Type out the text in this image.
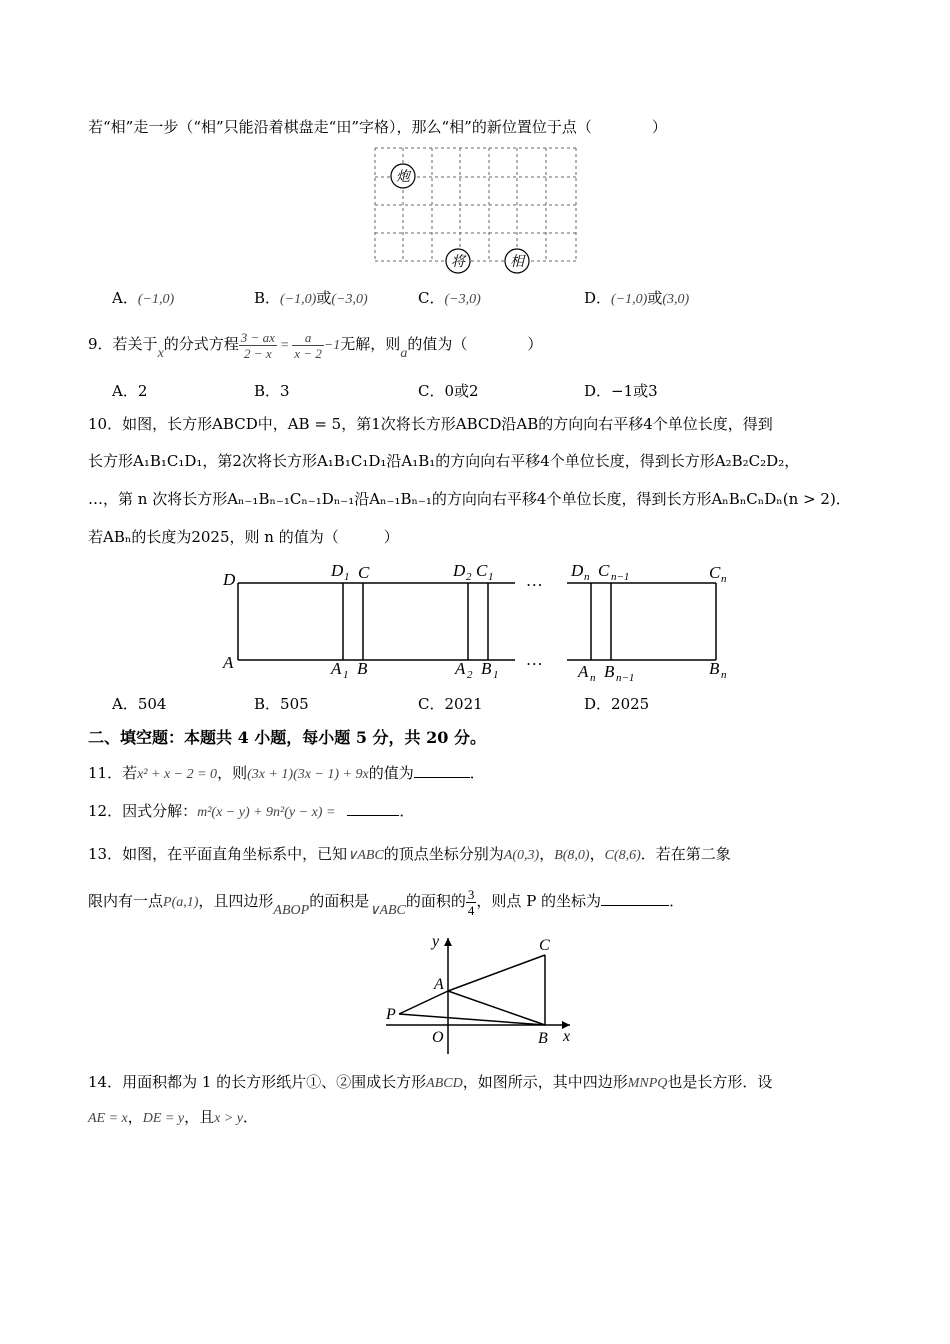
若“相”走一步（“相”只能沿着棋盘走“田”字格），那么“相”的新位置位于点（　　　　）
炮
将	相
A．(−1,0)	B．(−1,0)或(−3,0)	C．(−3,0)	D．(−1,0)或(3,0)
9．若关于x的分式方程 $\frac{3 - ax}{2 - x} = \frac{a}{x - 2} -1$无解，则a的值为（　　　　）
A．2	B．3	C．0或2	D．−1或3
10．如图，长方形ABCD中，AB = 5，第1次将长方形ABCD沿AB的方向向右平移4个单位长度，得到
长方形A₁B₁C₁D₁，第2次将长方形A₁B₁C₁D₁沿A₁B₁的方向向右平移4个单位长度，得到长方形A₂B₂C₂D₂，
…，第 n 次将长方形Aₙ₋₁Bₙ₋₁Cₙ₋₁Dₙ₋₁沿Aₙ₋₁Bₙ₋₁的方向向右平移4个单位长度，得到长方形AₙBₙCₙDₙ(n > 2)．
若ABₙ的长度为2025，则 n 的值为（　　　）
D	D 1 C	D 2 C 1 …
D n C n−1	C n
A	A 1 B	A 2 B 1
…
A n B n−1	B n
A．504	B．505	C．2021	D．2025
二、填空题：本题共 4 小题，每小题 5 分，共 20 分。
11．若x² + x − 2 = 0，则(3x + 1)(3x − 1) + 9x的值为	．
12．因式分解：m²(x − y) + 9n²(y − x) =	．
13．如图，在平面直角坐标系中，已知∨ABC的顶点坐标分别为A(0,3)，B(8,0)，C(8,6)．若在第二象
限内有一点P(a,1)，且四边形ABOP的面积是∨ABC的面积的 $\frac{3}{4}$ ，则点 P 的坐标为	．
y
x
C
A
P
O	B
14．用面积都为 1 的长方形纸片①、②围成长方形ABCD，如图所示，其中四边形MNPQ也是长方形．设
AE = x，DE = y，且x > y．
